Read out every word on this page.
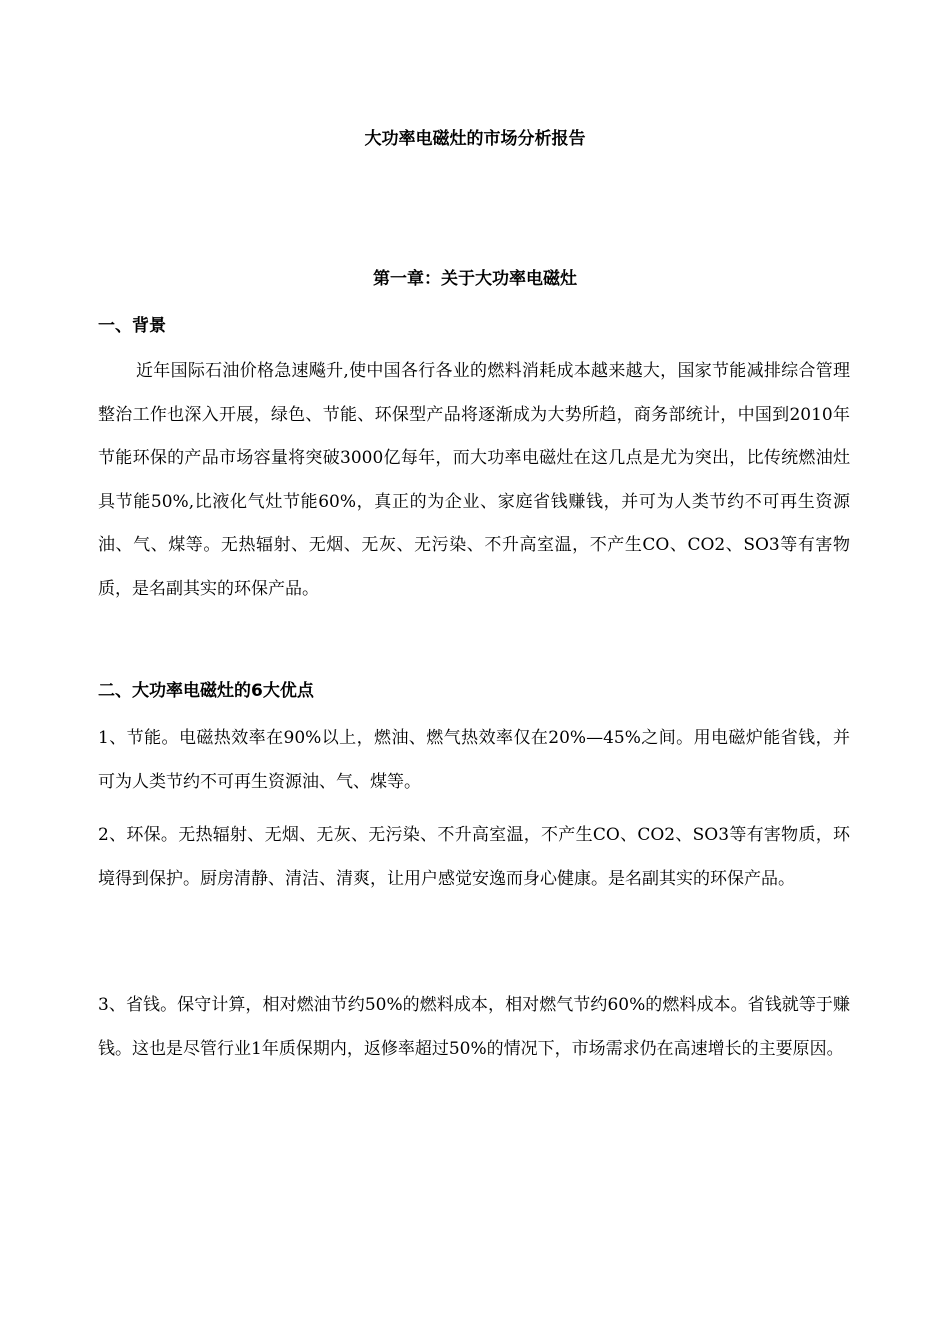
大功率电磁灶的市场分析报告
第一章：关于大功率电磁灶
一、背景

近年国际石油价格急速飚升,使中国各行各业的燃料消耗成本越来越大，国家节能减排综合管理整治工作也深入开展，绿色、节能、环保型产品将逐渐成为大势所趋，商务部统计，中国到2010年节能环保的产品市场容量将突破3000亿每年，而大功率电磁灶在这几点是尤为突出，比传统燃油灶具节能50%,比液化气灶节能60%，真正的为企业、家庭省钱赚钱，并可为人类节约不可再生资源油、气、煤等。无热辐射、无烟、无灰、无污染、不升高室温，不产生CO、CO2、SO3等有害物质，是名副其实的环保产品。

二、大功率电磁灶的6大优点

1、节能。电磁热效率在90%以上，燃油、燃气热效率仅在20%—45%之间。用电磁炉能省钱，并可为人类节约不可再生资源油、气、煤等。

2、环保。无热辐射、无烟、无灰、无污染、不升高室温，不产生CO、CO2、SO3等有害物质，环境得到保护。厨房清静、清洁、清爽，让用户感觉安逸而身心健康。是名副其实的环保产品。

3、省钱。保守计算，相对燃油节约50%的燃料成本，相对燃气节约60%的燃料成本。省钱就等于赚钱。这也是尽管行业1年质保期内，返修率超过50%的情况下，市场需求仍在高速增长的主要原因。
